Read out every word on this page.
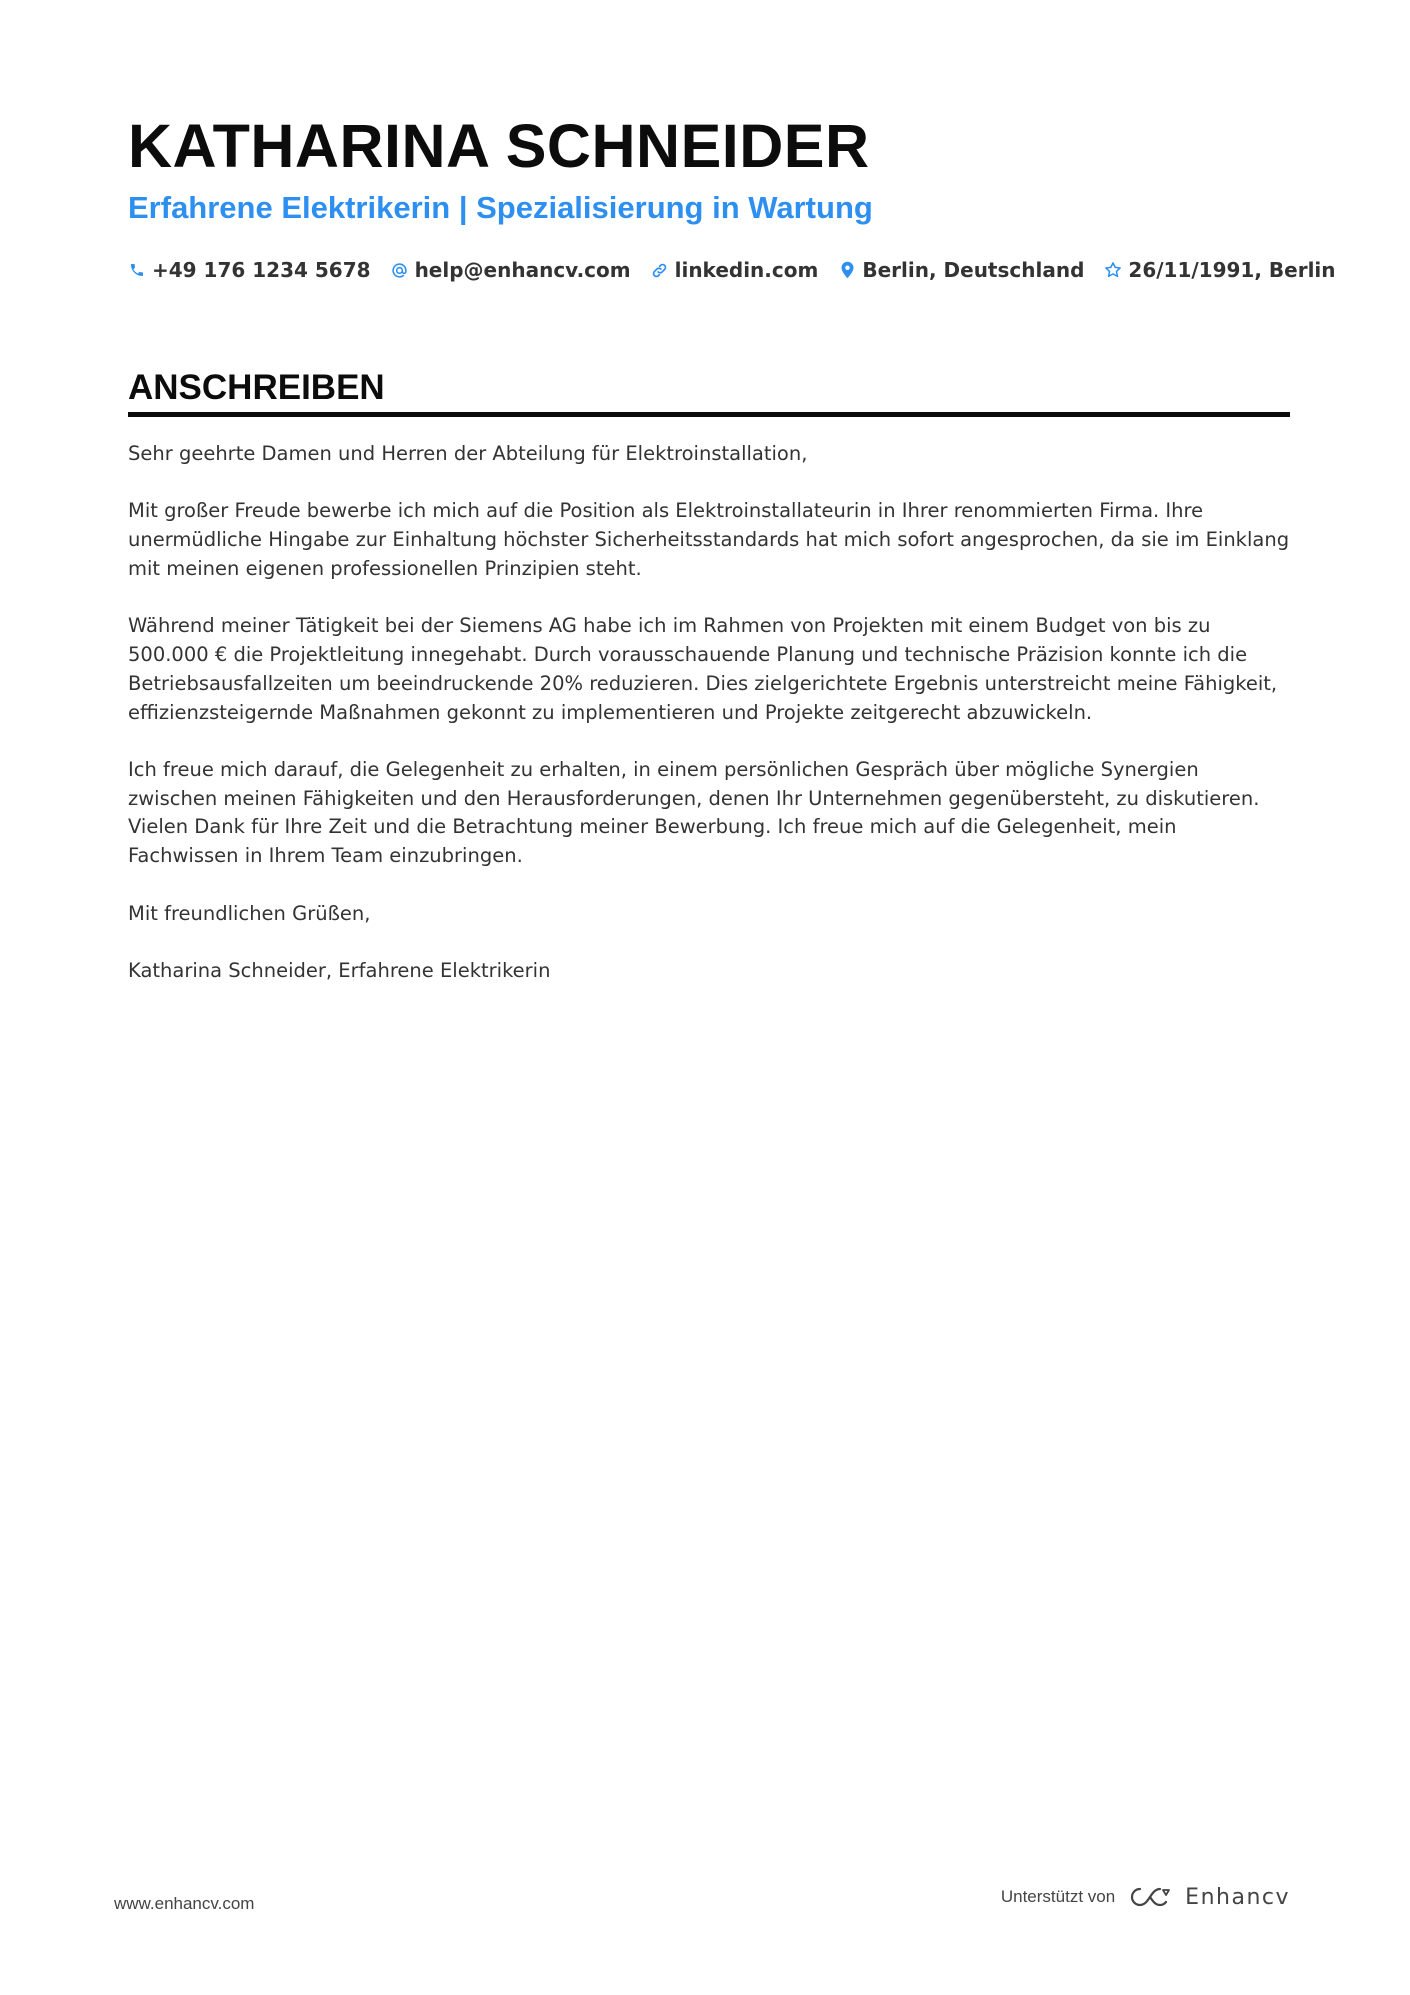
KATHARINA SCHNEIDER
Erfahrene Elektrikerin | Spezialisierung in Wartung
+49 176 1234 5678 help@enhancv.com linkedin.com Berlin, Deutschland 26/11/1991, Berlin
ANSCHREIBEN

Sehr geehrte Damen und Herren der Abteilung für Elektroinstallation,

Mit großer Freude bewerbe ich mich auf die Position als Elektroinstallateurin in Ihrer renommierten Firma. Ihre unermüdliche Hingabe zur Einhaltung höchster Sicherheitsstandards hat mich sofort angesprochen, da sie im Einklang mit meinen eigenen professionellen Prinzipien steht.

Während meiner Tätigkeit bei der Siemens AG habe ich im Rahmen von Projekten mit einem Budget von bis zu 500.000 € die Projektleitung innegehabt. Durch vorausschauende Planung und technische Präzision konnte ich die Betriebsausfallzeiten um beeindruckende 20% reduzieren. Dies zielgerichtete Ergebnis unterstreicht meine Fähigkeit, effizienzsteigernde Maßnahmen gekonnt zu implementieren und Projekte zeitgerecht abzuwickeln.

Ich freue mich darauf, die Gelegenheit zu erhalten, in einem persönlichen Gespräch über mögliche Synergien zwischen meinen Fähigkeiten und den Herausforderungen, denen Ihr Unternehmen gegenübersteht, zu diskutieren. Vielen Dank für Ihre Zeit und die Betrachtung meiner Bewerbung. Ich freue mich auf die Gelegenheit, mein Fachwissen in Ihrem Team einzubringen.

Mit freundlichen Grüßen,

Katharina Schneider, Erfahrene Elektrikerin

www.enhancv.com	Unterstützt von	Enhancv
